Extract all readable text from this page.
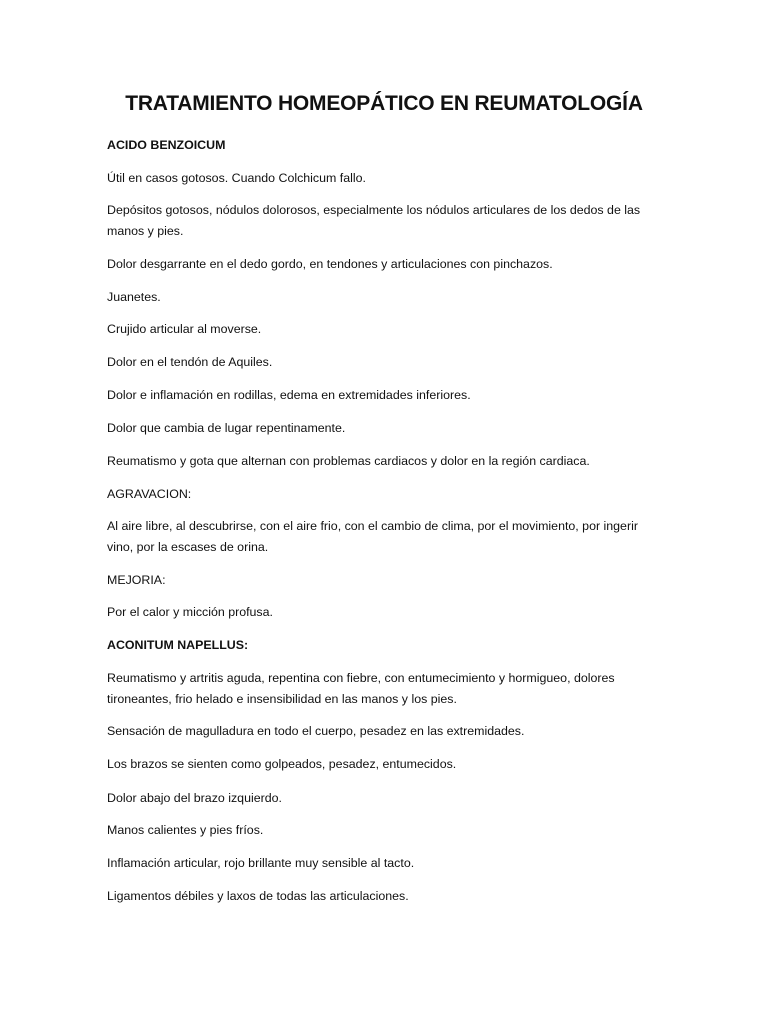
TRATAMIENTO HOMEOPÁTICO EN REUMATOLOGÍA

ACIDO BENZOICUM

Útil en casos gotosos. Cuando Colchicum fallo.

Depósitos gotosos, nódulos dolorosos, especialmente los nódulos articulares de los dedos de las manos y pies.

Dolor desgarrante en el dedo gordo, en tendones y articulaciones con pinchazos.

Juanetes.

Crujido articular al moverse.

Dolor en el tendón de Aquiles.

Dolor e inflamación en rodillas, edema en extremidades inferiores.

Dolor que cambia de lugar repentinamente.

Reumatismo y gota que alternan con problemas cardiacos y dolor en la región cardiaca.

AGRAVACION:

Al aire libre, al descubrirse, con el aire frio, con el cambio de clima, por el movimiento, por ingerir vino, por la escases de orina.

MEJORIA:

Por el calor y micción profusa.

ACONITUM NAPELLUS:

Reumatismo y artritis aguda, repentina con fiebre, con entumecimiento y hormigueo, dolores tironeantes, frio helado e insensibilidad en las manos y los pies.

Sensación de magulladura en todo el cuerpo, pesadez en las extremidades.

Los brazos se sienten como golpeados, pesadez, entumecidos.

Dolor abajo del brazo izquierdo.

Manos calientes y pies fríos.

Inflamación articular, rojo brillante muy sensible al tacto.

Ligamentos débiles y laxos de todas las articulaciones.
